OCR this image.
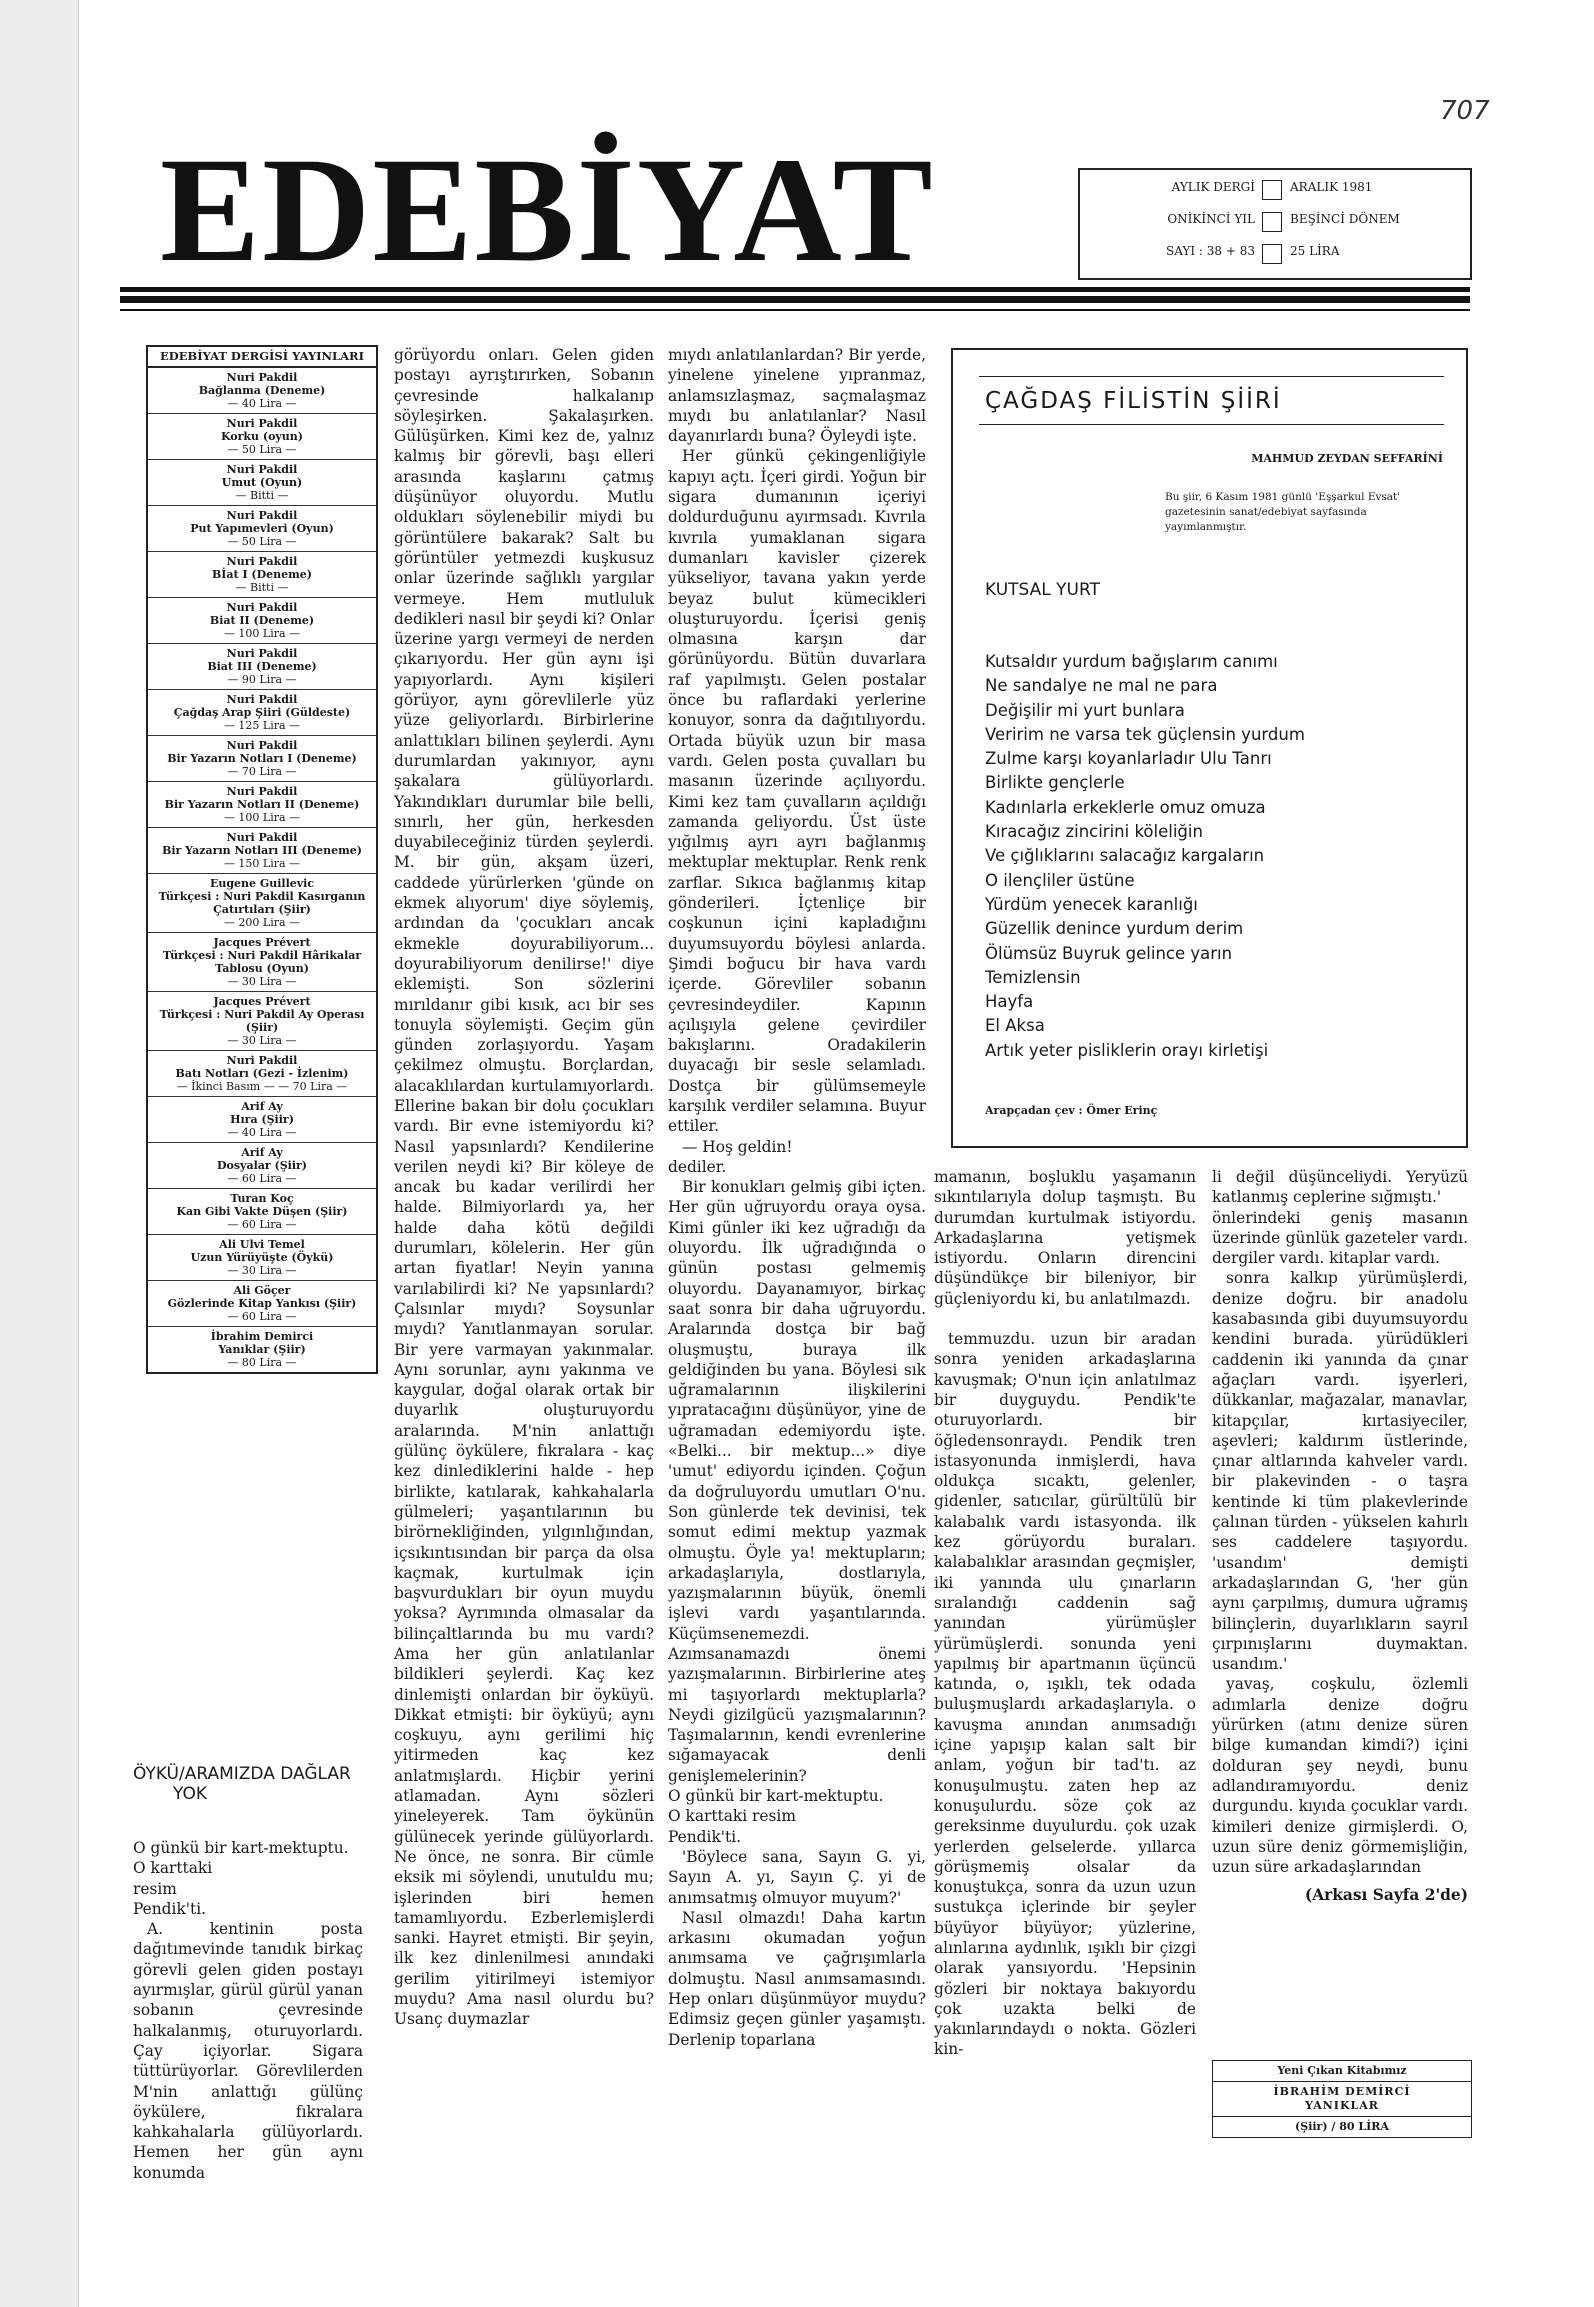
707
EDEBİYAT	AYLIK DERGİ	ARALIK 1981
ONİKİNCİ YIL	BEŞİNCİ DÖNEM
SAYI : 38 + 83	25 LİRA
EDEBİYAT DERGİSİ YAYINLARI
Nuri Pakdil
Bağlanma (Deneme)
— 40 Lira —
Nuri Pakdil
Korku (oyun)
— 50 Lira —
Nuri Pakdil
Umut (Oyun)
— Bitti —
Nuri Pakdil
Put Yapımevleri (Oyun)
— 50 Lira —
Nuri Pakdil
Bİat I (Deneme)
— Bitti —
Nuri Pakdil
Biat II (Deneme)
— 100 Lira —
Nuri Pakdil
Biat III (Deneme)
— 90 Lira —
Nuri Pakdil
Çağdaş Arap Şiiri (Güldeste)
— 125 Lira —
Nuri Pakdil
Bir Yazarın Notları I (Deneme)
— 70 Lira —
Nuri Pakdil
Bir Yazarın Notları II (Deneme)
— 100 Lira —
Nuri Pakdil
Bir Yazarın Notları III (Deneme)
— 150 Lira —
Eugene Guillevic
Türkçesi : Nuri Pakdil Kasırganın Çatırtıları (Şiir)
— 200 Lira —
Jacques Prévert
Türkçesi : Nuri Pakdil Hârikalar Tablosu (Oyun)
— 30 Lira —
Jacques Prévert
Türkçesi : Nuri Pakdil Ay Operası (Şiir)
— 30 Lira —
Nuri Pakdil
Batı Notları (Gezi - İzlenim)
— İkinci Basım — — 70 Lira —
Arif Ay
Hıra (Şiir)
— 40 Lira —
Arif Ay
Dosyalar (Şiir)
— 60 Lira —
Turan Koç
Kan Gibi Vakte Düşen (Şiir)
— 60 Lira —
Ali Ulvi Temel
Uzun Yürüyüşte (Öykü)
— 30 Lira —
Ali Göçer
Gözlerinde Kitap Yankısı (Şiir)
— 60 Lira —
İbrahim Demirci
Yanıklar (Şiir)
— 80 Lira —
ÖYKÜ/ARAMIZDA DAĞLAR
YOK

O günkü bir kart-mektuptu.

O karttaki

resim

Pendik'ti.

A. kentinin posta dağıtımevinde tanıdık birkaç görevli gelen giden postayı ayırmışlar, gürül gürül yanan sobanın çevresinde halkalanmış, oturuyorlardı. Çay içiyorlar. Sigara tüttürüyorlar. Görevlilerden M'nin anlattığı gülünç öykülere, fıkralara kahkahalarla gülüyorlardı. Hemen her gün aynı konumda

görüyordu onları. Gelen giden postayı ayrıştırırken, Sobanın çevresinde halkalanıp söyleşirken. Şakalaşırken. Gülüşürken. Kimi kez de, yalnız kalmış bir görevli, başı elleri arasında kaşlarını çatmış düşünüyor oluyordu. Mutlu oldukları söylenebilir miydi bu görüntülere bakarak? Salt bu görüntüler yetmezdi kuşkusuz onlar üzerinde sağlıklı yargılar vermeye. Hem mutluluk dedikleri nasıl bir şeydi ki? Onlar üzerine yargı vermeyi de nerden çıkarıyordu. Her gün aynı işi yapıyorlardı. Aynı kişileri görüyor, aynı görevlilerle yüz yüze geliyorlardı. Birbirlerine anlattıkları bilinen şeylerdi. Aynı durumlardan yakınıyor, aynı şakalara gülüyorlardı. Yakındıkları durumlar bile belli, sınırlı, her gün, herkesden duyabileceğiniz türden şeylerdi. M. bir gün, akşam üzeri, caddede yürürlerken 'günde on ekmek alıyorum' diye söylemiş, ardından da 'çocukları ancak ekmekle doyurabiliyorum... doyurabiliyorum denilirse!' diye eklemişti. Son sözlerini mırıldanır gibi kısık, acı bir ses tonuyla söylemişti. Geçim gün günden zorlaşıyordu. Yaşam çekilmez olmuştu. Borçlardan, alacaklılardan kurtulamıyorlardı. Ellerine bakan bir dolu çocukları vardı. Bir evne istemiyordu ki? Nasıl yapsınlardı? Kendilerine verilen neydi ki? Bir köleye de ancak bu kadar verilirdi her halde. Bilmiyorlardı ya, her halde daha kötü değildi durumları, kölelerin. Her gün artan fiyatlar! Neyin yanına varılabilirdi ki? Ne yapsınlardı? Çalsınlar mıydı? Soysunlar mıydı? Yanıtlanmayan sorular. Bir yere varmayan yakınmalar. Aynı sorunlar, aynı yakınma ve kaygular, doğal olarak ortak bir duyarlık oluşturuyordu aralarında. M'nin anlattığı gülünç öykülere, fıkralara - kaç kez dinlediklerini halde - hep birlikte, katılarak, kahkahalarla gülmeleri; yaşantılarının bu birörnekliğinden, yılgınlığından, içsıkıntısından bir parça da olsa kaçmak, kurtulmak için başvurdukları bir oyun muydu yoksa? Ayrımında olmasalar da bilinçaltlarında bu mu vardı? Ama her gün anlatılanlar bildikleri şeylerdi. Kaç kez dinlemişti onlardan bir öyküyü. Dikkat etmişti: bir öyküyü; aynı coşkuyu, aynı gerilimi hiç yitirmeden kaç kez anlatmışlardı. Hiçbir yerini atlamadan. Aynı sözleri yineleyerek. Tam öykünün gülünecek yerinde gülüyorlardı. Ne önce, ne sonra. Bir cümle eksik mi söylendi, unutuldu mu; işlerinden biri hemen tamamlıyordu. Ezberlemişlerdi sanki. Hayret etmişti. Bir şeyin, ilk kez dinlenilmesi anındaki gerilim yitirilmeyi istemiyor muydu? Ama nasıl olurdu bu? Usanç duymazlar

mıydı anlatılanlardan? Bir yerde, yinelene yinelene yıpranmaz, anlamsızlaşmaz, saçmalaşmaz mıydı bu anlatılanlar? Nasıl dayanırlardı buna? Öyleydi işte.

Her günkü çekingenliğiyle kapıyı açtı. İçeri girdi. Yoğun bir sigara dumanının içeriyi doldurduğunu ayırmsadı. Kıvrıla kıvrıla yumaklanan sigara dumanları kavisler çizerek yükseliyor, tavana yakın yerde beyaz bulut kümecikleri oluşturuyordu. İçerisi geniş olmasına karşın dar görünüyordu. Bütün duvarlara raf yapılmıştı. Gelen postalar önce bu raflardaki yerlerine konuyor, sonra da dağıtılıyordu. Ortada büyük uzun bir masa vardı. Gelen posta çuvalları bu masanın üzerinde açılıyordu. Kimi kez tam çuvalların açıldığı zamanda geliyordu. Üst üste yığılmış ayrı ayrı bağlanmış mektuplar mektuplar. Renk renk zarflar. Sıkıca bağlanmış kitap gönderileri. İçtenliçe bir coşkunun içini kapladığını duyumsuyordu böylesi anlarda. Şimdi boğucu bir hava vardı içerde. Görevliler sobanın çevresindeydiler. Kapının açılışıyla gelene çevirdiler bakışlarını. Oradakilerin duyacağı bir sesle selamladı. Dostça bir gülümsemeyle karşılık verdiler selamına. Buyur ettiler.

— Hoş geldin!

dediler.

Bir konukları gelmiş gibi içten. Her gün uğruyordu oraya oysa. Kimi günler iki kez uğradığı da oluyordu. İlk uğradığında o günün postası gelmemiş oluyordu. Dayanamıyor, birkaç saat sonra bir daha uğruyordu. Aralarında dostça bir bağ oluşmuştu, buraya ilk geldiğinden bu yana. Böylesi sık uğramalarının ilişkilerini yıpratacağını düşünüyor, yine de uğramadan edemiyordu işte. «Belki... bir mektup...» diye 'umut' ediyordu içinden. Çoğun da doğruluyordu umutları O'nu. Son günlerde tek devinisi, tek somut edimi mektup yazmak olmuştu. Öyle ya! mektupların; arkadaşlarıyla, dostlarıyla, yazışmalarının büyük, önemli işlevi vardı yaşantılarında. Küçümsenemezdi. Azımsanamazdı önemi yazışmalarının. Birbirlerine ateş mi taşıyorlardı mektuplarla? Neydi gizilgücü yazışmalarının? Taşımalarının, kendi evrenlerine sığamayacak denli genişlemelerinin?

O günkü bir kart-mektuptu.

O karttaki resim

Pendik'ti.

'Böylece sana, Sayın G. yi, Sayın A. yı, Sayın Ç. yi de anımsatmış olmuyor muyum?'

Nasıl olmazdı! Daha kartın arkasını okumadan yoğun anımsama ve çağrışımlarla dolmuştu. Nasıl anımsamasındı. Hep onları düşünmüyor muydu? Edimsiz geçen günler yaşamıştı. Derlenip toparlana

ÇAĞDAŞ FİLİSTİN ŞİİRİ
MAHMUD ZEYDAN SEFFARİNİ
Bu şiir, 6 Kasım 1981 günlü 'Eşşarkul Evsat' gazetesinin sanat/edebiyat sayfasında yayımlanmıştır.
KUTSAL YURT
Kutsaldır yurdum bağışlarım canımı
Ne sandalye ne mal ne para
Değişilir mi yurt bunlara
Veririm ne varsa tek güçlensin yurdum
Zulme karşı koyanlarladır Ulu Tanrı
Birlikte gençlerle
Kadınlarla erkeklerle omuz omuza
Kıracağız zincirini köleliğin
Ve çığlıklarını salacağız kargaların
O ilençliler üstüne
Yürdüm yenecek karanlığı
Güzellik denince yurdum derim
Ölümsüz Buyruk gelince yarın
Temizlensin
Hayfa
El Aksa
Artık yeter pisliklerin orayı kirletişi
Arapçadan çev : Ömer Erinç

mamanın, boşluklu yaşamanın sıkıntılarıyla dolup taşmıştı. Bu durumdan kurtulmak istiyordu. Arkadaşlarına yetişmek istiyordu. Onların direncini düşündükçe bir bileniyor, bir güçleniyordu ki, bu anlatılmazdı.

temmuzdu. uzun bir aradan sonra yeniden arkadaşlarına kavuşmak; O'nun için anlatılmaz bir duyguydu. Pendik'te oturuyorlardı. bir öğledensonraydı. Pendik tren istasyonunda inmişlerdi, hava oldukça sıcaktı, gelenler, gidenler, satıcılar, gürültülü bir kalabalık vardı istasyonda. ilk kez görüyordu buraları. kalabalıklar arasından geçmişler, iki yanında ulu çınarların sıralandığı caddenin sağ yanından yürümüşler yürümüşlerdi. sonunda yeni yapılmış bir apartmanın üçüncü katında, o, ışıklı, tek odada buluşmuşlardı arkadaşlarıyla. o kavuşma anından anımsadığı içine yapışıp kalan salt bir anlam, yoğun bir tad'tı. az konuşulmuştu. zaten hep az konuşulurdu. söze çok az gereksinme duyulurdu. çok uzak yerlerden gelselerde. yıllarca görüşmemiş olsalar da konuştukça, sonra da uzun uzun sustukça içlerinde bir şeyler büyüyor büyüyor; yüzlerine, alınlarına aydınlık, ışıklı bir çizgi olarak yansıyordu. 'Hepsinin gözleri bir noktaya bakıyordu çok uzakta belki de yakınlarındaydı o nokta. Gözleri kin-

li değil düşünceliydi. Yeryüzü katlanmış ceplerine sığmıştı.'

önlerindeki geniş masanın üzerinde günlük gazeteler vardı. dergiler vardı. kitaplar vardı.

sonra kalkıp yürümüşlerdi, denize doğru. bir anadolu kasabasında gibi duyumsuyordu kendini burada. yürüdükleri caddenin iki yanında da çınar ağaçları vardı. işyerleri, dükkanlar, mağazalar, manavlar, kitapçılar, kırtasiyeciler, aşevleri; kaldırım üstlerinde, çınar altlarında kahveler vardı. bir plakevinden - o taşra kentinde ki tüm plakevlerinde çalınan türden - yükselen kahırlı ses caddelere taşıyordu. 'usandım' demişti arkadaşlarından G, 'her gün aynı çarpılmış, dumura uğramış bilinçlerin, duyarlıkların sayrıl çırpınışlarını duymaktan. usandım.'

yavaş, coşkulu, özlemli adımlarla denize doğru yürürken (atını denize süren bilge kumandan kimdi?) içini dolduran şey neydi, bunu adlandıramıyordu. deniz durgundu. kıyıda çocuklar vardı. kimileri denize girmişlerdi. O, uzun süre deniz görmemişliğin, uzun süre arkadaşlarından

(Arkası Sayfa 2'de)
Yeni Çıkan Kitabımız
İBRAHİM DEMİRCİ
YANIKLAR
(Şiir) / 80 LİRA
